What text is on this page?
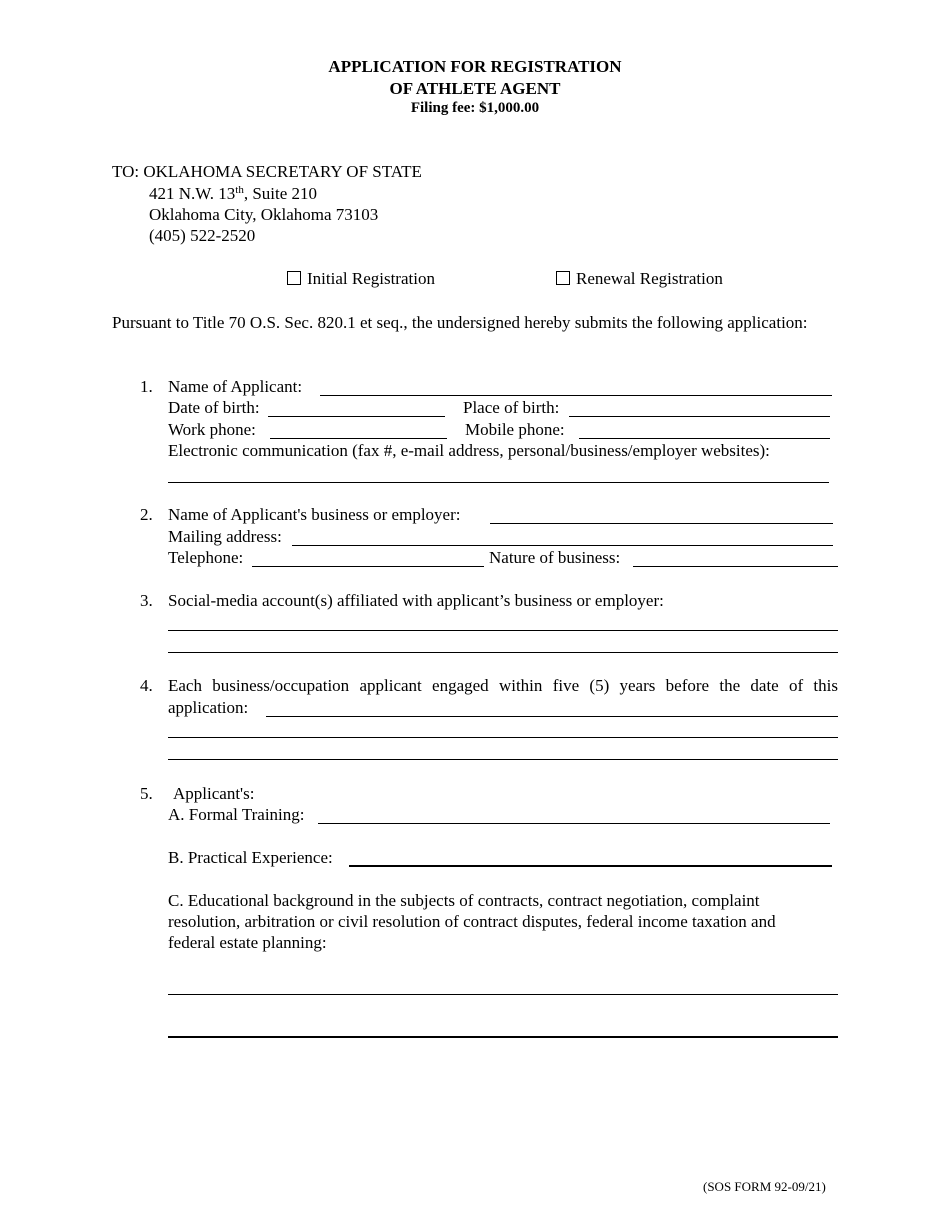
APPLICATION FOR REGISTRATION
OF ATHLETE AGENT
Filing fee: $1,000.00
TO: OKLAHOMA SECRETARY OF STATE
421 N.W. 13th, Suite 210
Oklahoma City, Oklahoma 73103
(405) 522-2520
Initial Registration	Renewal Registration
Pursuant to Title 70 O.S. Sec. 820.1 et seq., the undersigned hereby submits the following application:
1. Name of Applicant:
Date of birth:	Place of birth:
Work phone:	Mobile phone:
Electronic communication (fax #, e-mail address, personal/business/employer websites):
2. Name of Applicant's business or employer:
Mailing address:
Telephone:	Nature of business:
3. Social-media account(s) affiliated with applicant’s business or employer:
4. Each business/occupation applicant engaged within five (5) years before the date of this
application:
5. Applicant's:
A. Formal Training:
B. Practical Experience:
C. Educational background in the subjects of contracts, contract negotiation, complaint resolution, arbitration or civil resolution of contract disputes, federal income taxation and federal estate planning:
(SOS FORM 92-09/21)
